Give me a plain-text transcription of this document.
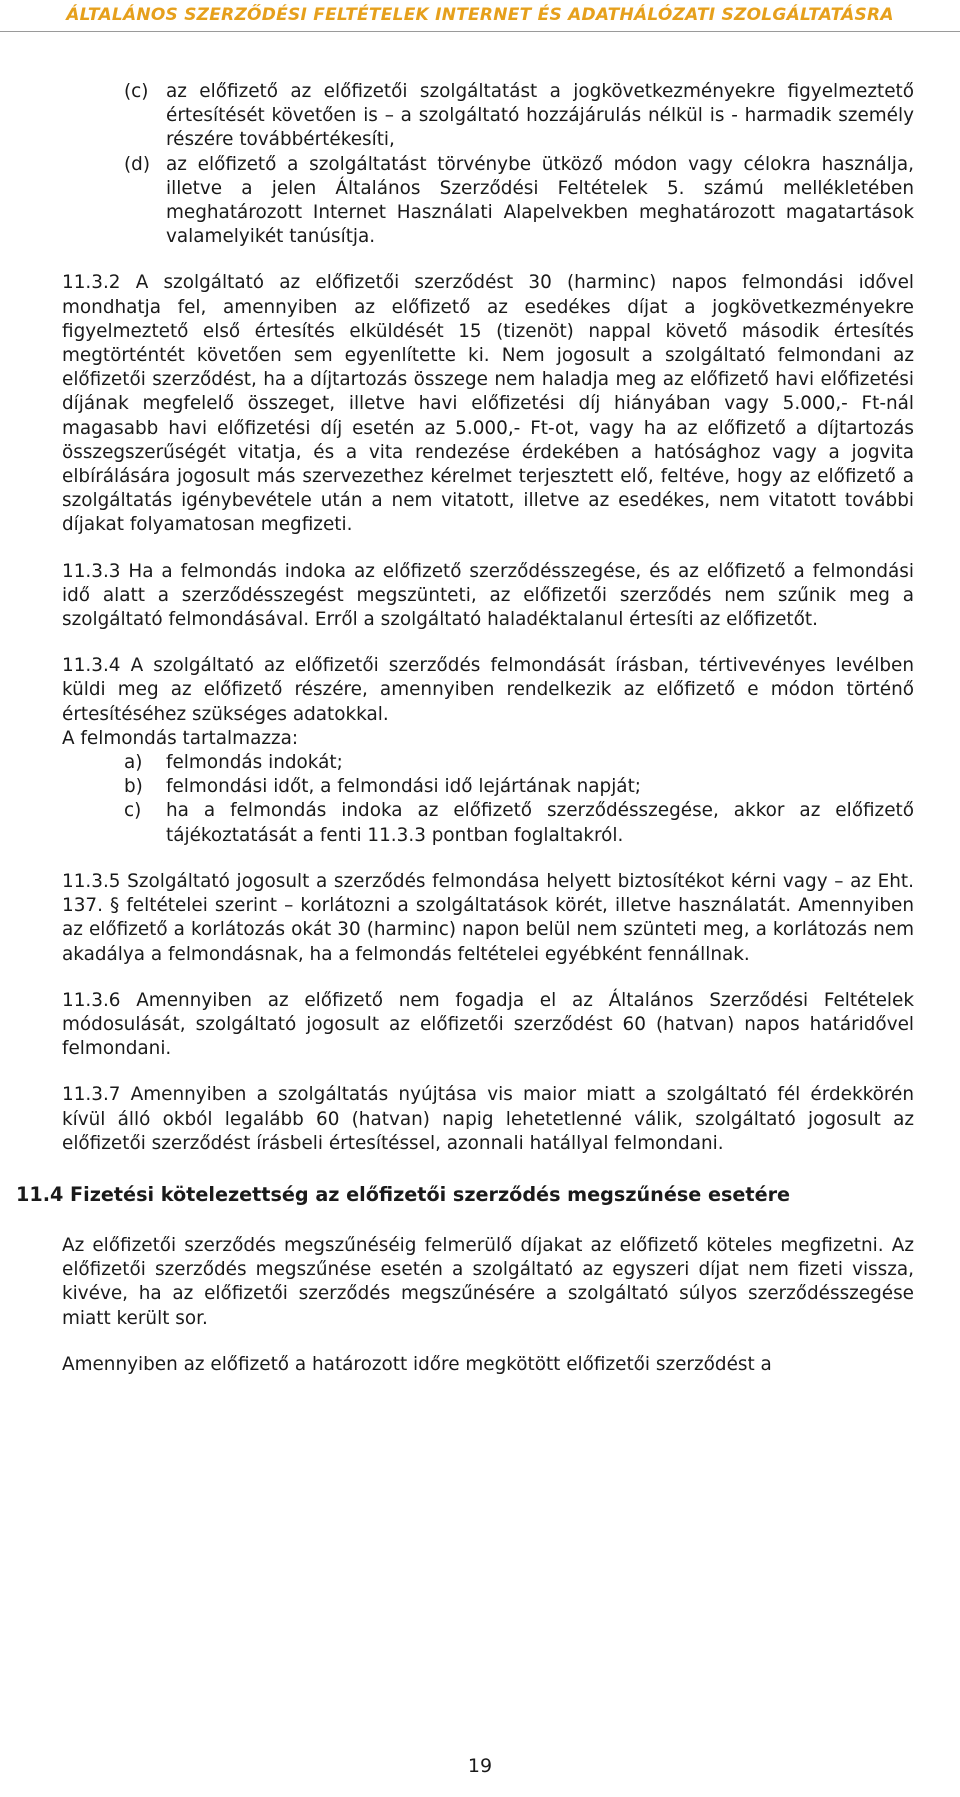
ÁLTALÁNOS SZERZŐDÉSI FELTÉTELEK INTERNET ÉS ADATHÁLÓZATI SZOLGÁLTATÁSRA
(c) az előfizető az előfizetői szolgáltatást a jogkövetkezményekre figyelmeztető értesítését követően is – a szolgáltató hozzájárulás nélkül is - harmadik személy részére továbbértékesíti,
(d) az előfizető a szolgáltatást törvénybe ütköző módon vagy célokra használja, illetve a jelen Általános Szerződési Feltételek 5. számú mellékletében meghatározott Internet Használati Alapelvekben meghatározott magatartások valamelyikét tanúsítja.

11.3.2 A szolgáltató az előfizetői szerződést 30 (harminc) napos felmondási idővel mondhatja fel, amennyiben az előfizető az esedékes díjat a jogkövetkezményekre figyelmeztető első értesítés elküldését 15 (tizenöt) nappal követő második értesítés megtörténtét követően sem egyenlítette ki. Nem jogosult a szolgáltató felmondani az előfizetői szerződést, ha a díjtartozás összege nem haladja meg az előfizető havi előfizetési díjának megfelelő összeget, illetve havi előfizetési díj hiányában vagy 5.000,- Ft-nál magasabb havi előfizetési díj esetén az 5.000,- Ft-ot, vagy ha az előfizető a díjtartozás összegszerűségét vitatja, és a vita rendezése érdekében a hatósághoz vagy a jogvita elbírálására jogosult más szervezethez kérelmet terjesztett elő, feltéve, hogy az előfizető a szolgáltatás igénybevétele után a nem vitatott, illetve az esedékes, nem vitatott további díjakat folyamatosan megfizeti.

11.3.3 Ha a felmondás indoka az előfizető szerződésszegése, és az előfizető a felmondási idő alatt a szerződésszegést megszünteti, az előfizetői szerződés nem szűnik meg a szolgáltató felmondásával. Erről a szolgáltató haladéktalanul értesíti az előfizetőt.

11.3.4 A szolgáltató az előfizetői szerződés felmondását írásban, tértivevényes levélben küldi meg az előfizető részére, amennyiben rendelkezik az előfizető e módon történő értesítéséhez szükséges adatokkal.

A felmondás tartalmazza:

a)	felmondás indokát;
b)	felmondási időt, a felmondási idő lejártának napját;
c)	ha a felmondás indoka az előfizető szerződésszegése, akkor az előfizető tájékoztatását a fenti 11.3.3 pontban foglaltakról.

11.3.5 Szolgáltató jogosult a szerződés felmondása helyett biztosítékot kérni vagy – az Eht. 137. § feltételei szerint – korlátozni a szolgáltatások körét, illetve használatát. Amennyiben az előfizető a korlátozás okát 30 (harminc) napon belül nem szünteti meg, a korlátozás nem akadálya a felmondásnak, ha a felmondás feltételei egyébként fennállnak.

11.3.6 Amennyiben az előfizető nem fogadja el az Általános Szerződési Feltételek módosulását, szolgáltató jogosult az előfizetői szerződést 60 (hatvan) napos határidővel felmondani.

11.3.7 Amennyiben a szolgáltatás nyújtása vis maior miatt a szolgáltató fél érdekkörén kívül álló okból legalább 60 (hatvan) napig lehetetlenné válik, szolgáltató jogosult az előfizetői szerződést írásbeli értesítéssel, azonnali hatállyal felmondani.

11.4 Fizetési kötelezettség az előfizetői szerződés megszűnése esetére

Az előfizetői szerződés megszűnéséig felmerülő díjakat az előfizető köteles megfizetni. Az előfizetői szerződés megszűnése esetén a szolgáltató az egyszeri díjat nem fizeti vissza, kivéve, ha az előfizetői szerződés megszűnésére a szolgáltató súlyos szerződésszegése miatt került sor.

Amennyiben az előfizető a határozott időre megkötött előfizetői szerződést a

19
